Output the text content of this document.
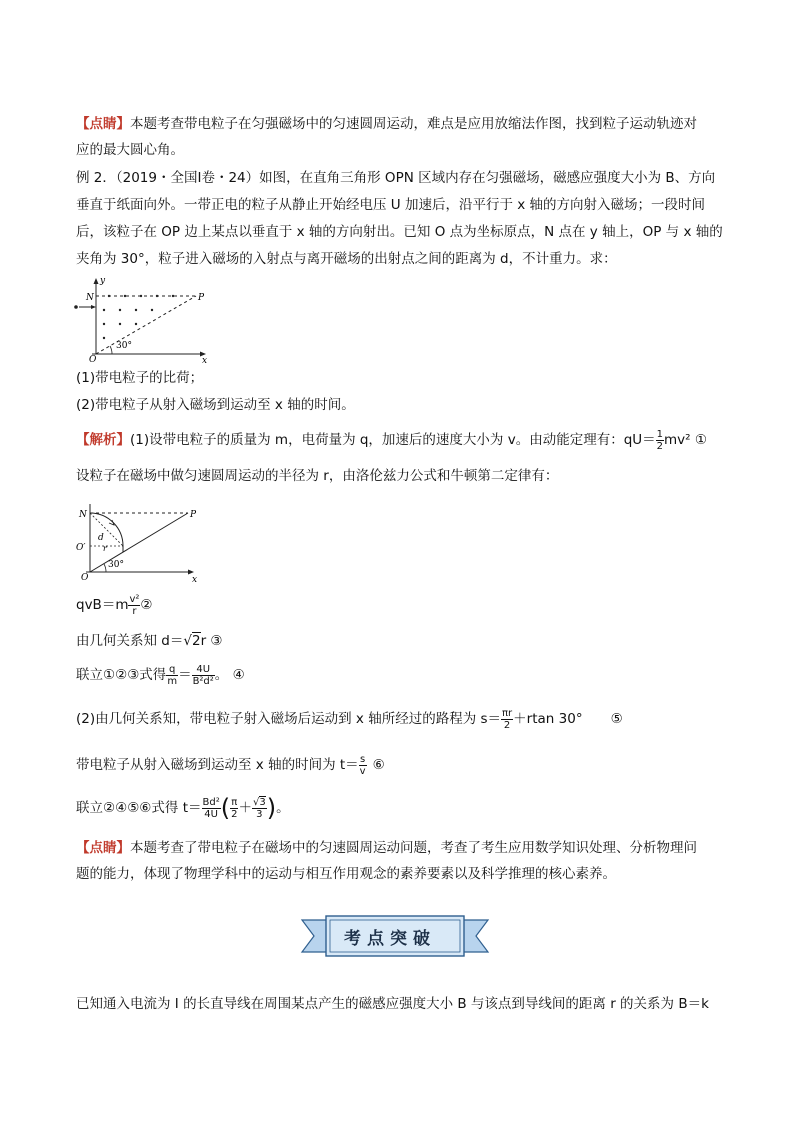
【点睛】本题考查带电粒子在匀强磁场中的匀速圆周运动，难点是应用放缩法作图，找到粒子运动轨迹对
应的最大圆心角。
例 2．（2019・全国Ⅰ卷・24）如图，在直角三角形 OPN 区域内存在匀强磁场，磁感应强度大小为 B、方向
垂直于纸面向外。一带正电的粒子从静止开始经电压 U 加速后，沿平行于 x 轴的方向射入磁场；一段时间
后，该粒子在 OP 边上某点以垂直于 x 轴的方向射出。已知 O 点为坐标原点，N 点在 y 轴上，OP 与 x 轴的
夹角为 30°，粒子进入磁场的入射点与离开磁场的出射点之间的距离为 d，不计重力。求：
y
N	P
O	x
30°
(1)带电粒子的比荷；
(2)带电粒子从射入磁场到运动至 x 轴的时间。
【解析】(1)设带电粒子的质量为 m，电荷量为 q，加速后的速度大小为 v。由动能定理有：$qU= \frac{1}{2} mv^2$ ①
设粒子在磁场中做匀速圆周运动的半径为 r，由洛伦兹力公式和牛顿第二定律有：
N	P
O′
O	x
d
r
30°
$qvB=m \frac{\text{v²}}{r}$ ②
由几何关系知 d＝√2r ③
联立①②③式得 $\frac{q}{m} = \frac{4U}{\text{B²d²}}$ 。 ④
(2)由几何关系知，带电粒子射入磁场后运动到 x 轴所经过的路程为 $s= \frac{\pi r}{2} +rtan$ 30° ⑤
带电粒子从射入磁场到运动至 x 轴的时间为 $t= \frac{s}{v}$ ⑥
联立②④⑤⑥式得 $t= \frac{\text{Bd²}}{4U}$ ( $\frac{\pi}{2} + \frac{√3}{3}$ )。
【点睛】本题考查了带电粒子在磁场中的匀速圆周运动问题，考查了考生应用数学知识处理、分析物理问
题的能力，体现了物理学科中的运动与相互作用观念的素养要素以及科学推理的核心素养。
考点突破
已知通入电流为 I 的长直导线在周围某点产生的磁感应强度大小 B 与该点到导线间的距离 r 的关系为 B＝k
